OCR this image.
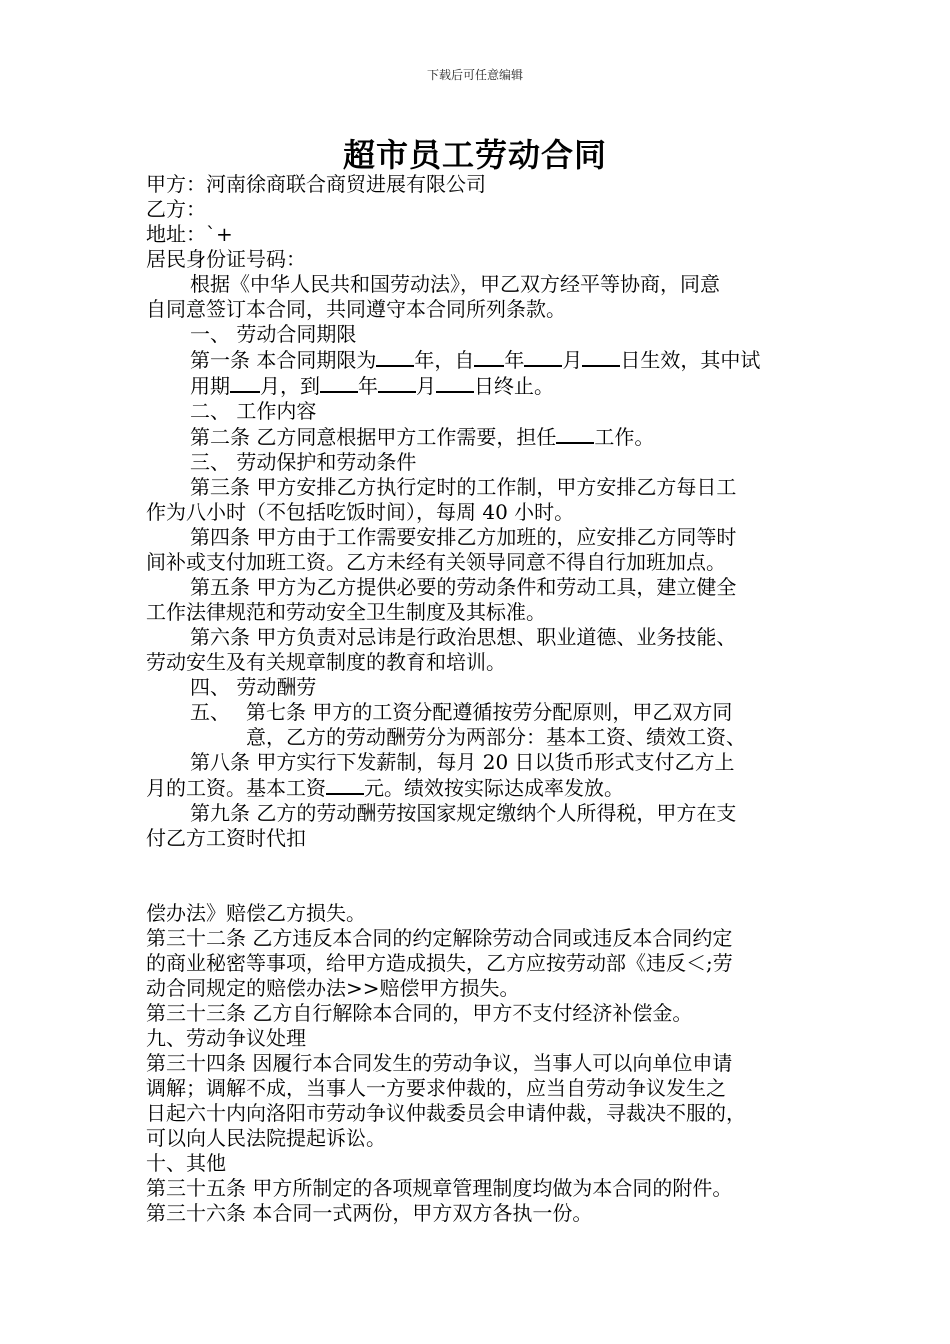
下载后可任意编辑
超市员工劳动合同

甲方：河南徐商联合商贸进展有限公司

乙方：

地址：`+

居民身份证号码：

根据《中华人民共和国劳动法》，甲乙双方经平等协商，同意

自同意签订本合同，共同遵守本合同所列条款。

一、 劳动合同期限

第一条 本合同期限为 年，自 年 月 日生效，其中试

用期 月，到 年 月 日终止。

二、 工作内容

第二条 乙方同意根据甲方工作需要，担任 工作。

三、 劳动保护和劳动条件

第三条 甲方安排乙方执行定时的工作制，甲方安排乙方每日工

作为八小时（不包括吃饭时间），每周 40 小时。

第四条 甲方由于工作需要安排乙方加班的，应安排乙方同等时

间补或支付加班工资。乙方未经有关领导同意不得自行加班加点。

第五条 甲方为乙方提供必要的劳动条件和劳动工具，建立健全

工作法律规范和劳动安全卫生制度及其标准。

第六条 甲方负责对忌讳是行政治思想、职业道德、业务技能、

劳动安生及有关规章制度的教育和培训。

四、 劳动酬劳

五、 第七条 甲方的工资分配遵循按劳分配原则，甲乙双方同

意，乙方的劳动酬劳分为两部分：基本工资、绩效工资、

第八条 甲方实行下发薪制，每月 20 日以货币形式支付乙方上

月的工资。基本工资 元。绩效按实际达成率发放。

第九条 乙方的劳动酬劳按国家规定缴纳个人所得税，甲方在支

付乙方工资时代扣

偿办法》赔偿乙方损失。

第三十二条 乙方违反本合同的约定解除劳动合同或违反本合同约定

的商业秘密等事项，给甲方造成损失，乙方应按劳动部《违反＜;劳

动合同规定的赔偿办法>>赔偿甲方损失。

第三十三条 乙方自行解除本合同的，甲方不支付经济补偿金。

九、劳动争议处理

第三十四条 因履行本合同发生的劳动争议，当事人可以向单位申请

调解；调解不成，当事人一方要求仲裁的，应当自劳动争议发生之

日起六十内向洛阳市劳动争议仲裁委员会申请仲裁，寻裁决不服的，

可以向人民法院提起诉讼。

十、其他

第三十五条 甲方所制定的各项规章管理制度均做为本合同的附件。

第三十六条 本合同一式两份，甲方双方各执一份。
